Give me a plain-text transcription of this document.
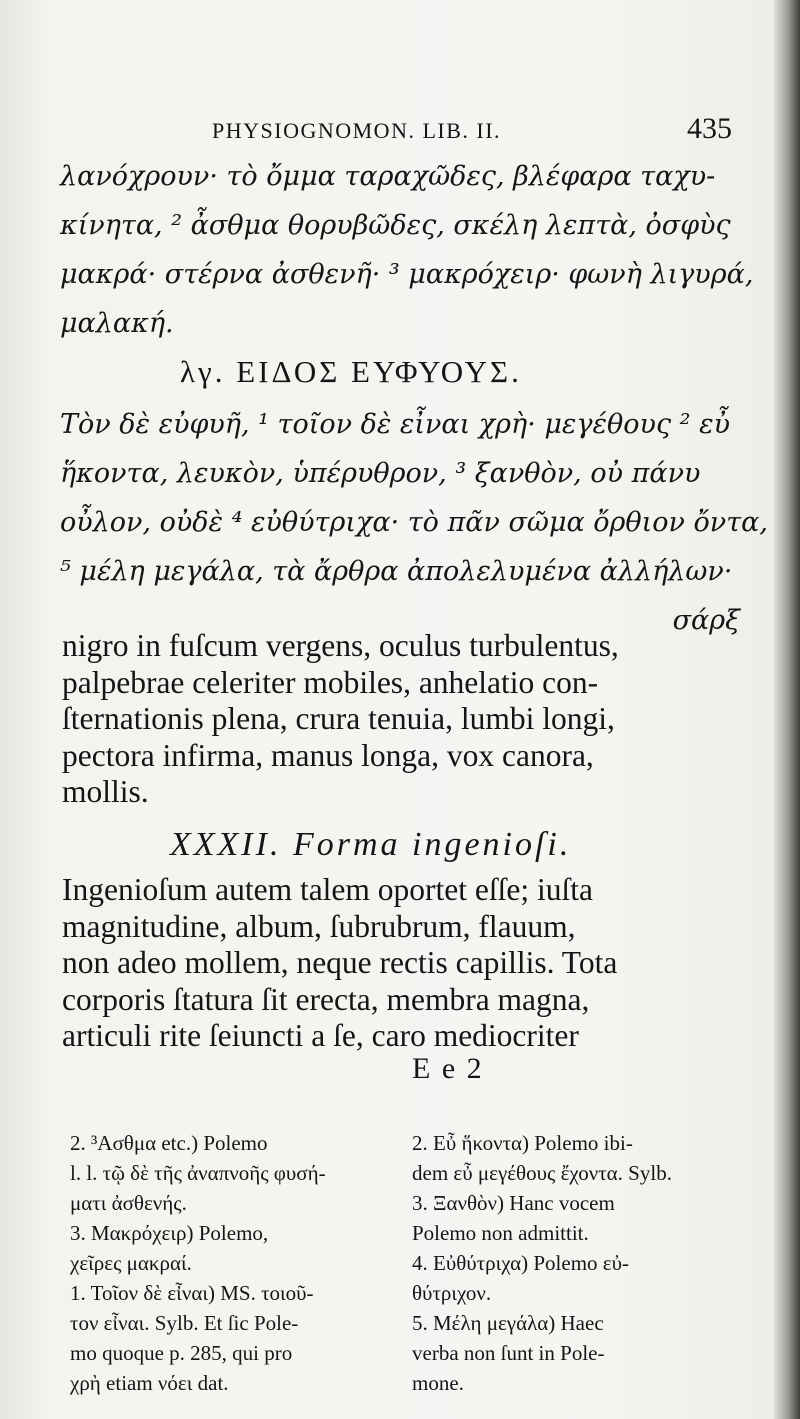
PHYSIOGNOMON. LIB. II.	435
λανόχρουν· τὸ ὄμμα ταραχῶδες, βλέφαρα ταχυ-
κίνητα, ² ἆσθμα θορυβῶδες, σκέλη λεπτὰ, ὀσφὺς
μακρά· στέρνα ἀσθενῆ· ³ μακρόχειρ· φωνὴ λιγυρά,
μαλακή.
λγ. ΕΙΔΟΣ ΕΥΦΥΟΥΣ.
Τὸν δὲ εὐφυῆ, ¹ τοῖον δὲ εἶναι χρὴ· μεγέθους ² εὖ
ἥκοντα, λευκὸν, ὑπέρυθρον, ³ ξανθὸν, οὐ πάνυ
οὖλον, οὐδὲ ⁴ εὐθύτριχα· τὸ πᾶν σῶμα ὄρθιον ὄντα,
⁵ μέλη μεγάλα, τὰ ἄρθρα ἀπολελυμένα ἀλλήλων·
σάρξ
nigro in fuſcum vergens, oculus turbulentus,
palpebrae celeriter mobiles, anhelatio con-
ſternationis plena, crura tenuia, lumbi longi,
pectora infirma, manus longa, vox canora,
mollis.
XXXII. Forma ingenioſi.
Ingenioſum autem talem oportet eſſe; iuſta
magnitudine, album, ſubrubrum, flauum,
non adeo mollem, neque rectis capillis. Tota
corporis ſtatura ſit erecta, membra magna,
articuli rite ſeiuncti a ſe, caro mediocriter
E e 2
2. ³Ασθμα etc.) Polemo
l. l. τῷ δὲ τῆς ἀναπνοῆς φυσή-
ματι ἀσθενής.
3. Μακρόχειρ) Polemo,
χεῖρες μακραί.
1. Τοῖον δὲ εἶναι) MS. τοιοῦ-
τον εἶναι. Sylb. Et ſic Pole-
mo quoque p. 285, qui pro
χρὴ etiam νόει dat.
2. Εὖ ἥκοντα) Polemo ibi-
dem εὖ μεγέθους ἔχοντα. Sylb.
3. Ξανθὸν) Hanc vocem
Polemo non admittit.
4. Εὐθύτριχα) Polemo εὐ-
θύτριχον.
5. Μέλη μεγάλα) Haec
verba non ſunt in Pole-
mone.
